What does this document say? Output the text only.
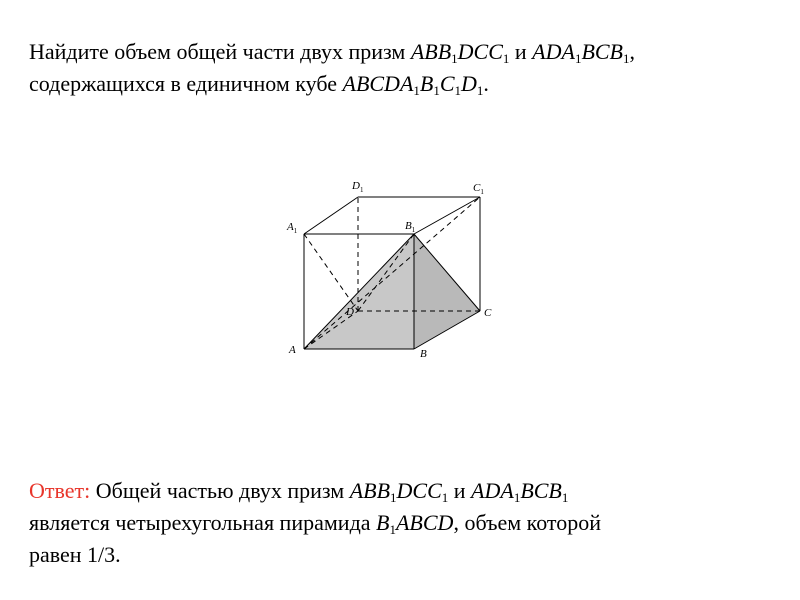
Найдите объем общей части двух призм $ABB_1DCC_1$ и $ADA_1BCB_1$,
содержащихся в единичном кубе $ABCDA_1B_1C_1D_1$.

A	B
C
D
$A_1$	$B_1$
$C_1$
$D_1$

Ответ: Общей частью двух призм $ABB_1DCC_1$ и $ADA_1BCB_1$
является четырехугольная пирамида $B_1ABCD$, объем которой
равен 1/3.
